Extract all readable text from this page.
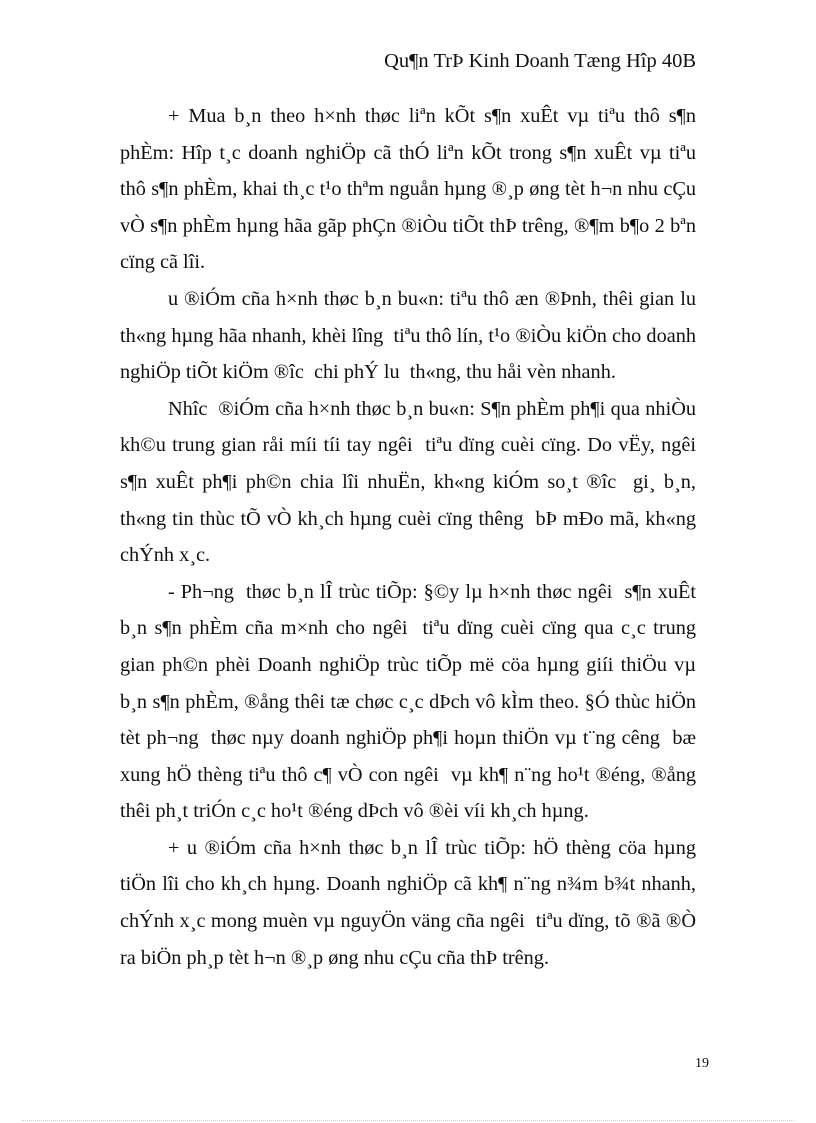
Qu¶n TrÞ Kinh Doanh Tæng Hîp 40B

+ Mua b¸n theo h×nh thøc liªn kÕt s¶n xuÊt vµ tiªu thô s¶n phÈm: Hîp t¸c doanh nghiÖp cã thÓ liªn kÕt trong s¶n xuÊt vµ tiªu thô s¶n phÈm, khai th¸c t¹o thªm nguån hµng ®¸p øng tèt h¬n nhu cÇu vÒ s¶n phÈm hµng hãa gãp phÇn ®iÒu tiÕt thÞ trêng, ®¶m b¶o 2 bªn cïng cã lîi.

u ®iÓm cña h×nh thøc b¸n bu«n: tiªu thô æn ®Þnh, thêi gian lu  th«ng hµng hãa nhanh, khèi lîng  tiªu thô lín, t¹o ®iÒu kiÖn cho doanh nghiÖp tiÕt kiÖm ®îc  chi phÝ lu  th«ng, thu håi vèn nhanh.

Nhîc  ®iÓm cña h×nh thøc b¸n bu«n: S¶n phÈm ph¶i qua nhiÒu kh©u trung gian råi míi tíi tay ngêi  tiªu dïng cuèi cïng. Do vËy, ngêi  s¶n xuÊt ph¶i ph©n chia lîi nhuËn, kh«ng kiÓm so¸t ®îc  gi¸ b¸n, th«ng tin thùc tÕ vÒ kh¸ch hµng cuèi cïng thêng  bÞ mÐo mã, kh«ng chÝnh x¸c.

- Ph¬ng  thøc b¸n lÎ trùc tiÕp: §©y lµ h×nh thøc ngêi  s¶n xuÊt b¸n s¶n phÈm cña m×nh cho ngêi  tiªu dïng cuèi cïng qua c¸c trung gian ph©n phèi Doanh nghiÖp trùc tiÕp më cöa hµng giíi thiÖu vµ b¸n s¶n phÈm, ®ång thêi tæ chøc c¸c dÞch vô kÌm theo. §Ó thùc hiÖn tèt ph¬ng  thøc nµy doanh nghiÖp ph¶i hoµn thiÖn vµ t¨ng cêng  bæ xung hÖ thèng tiªu thô c¶ vÒ con ngêi  vµ kh¶ n¨ng ho¹t ®éng, ®ång thêi ph¸t triÓn c¸c ho¹t ®éng dÞch vô ®èi víi kh¸ch hµng.

+ u ®iÓm cña h×nh thøc b¸n lÎ trùc tiÕp: hÖ thèng cöa hµng tiÖn lîi cho kh¸ch hµng. Doanh nghiÖp cã kh¶ n¨ng n¾m b¾t nhanh, chÝnh x¸c mong muèn vµ nguyÖn väng cña ngêi  tiªu dïng, tõ ®ã ®Ò ra biÖn ph¸p tèt h¬n ®¸p øng nhu cÇu cña thÞ trêng.

19
